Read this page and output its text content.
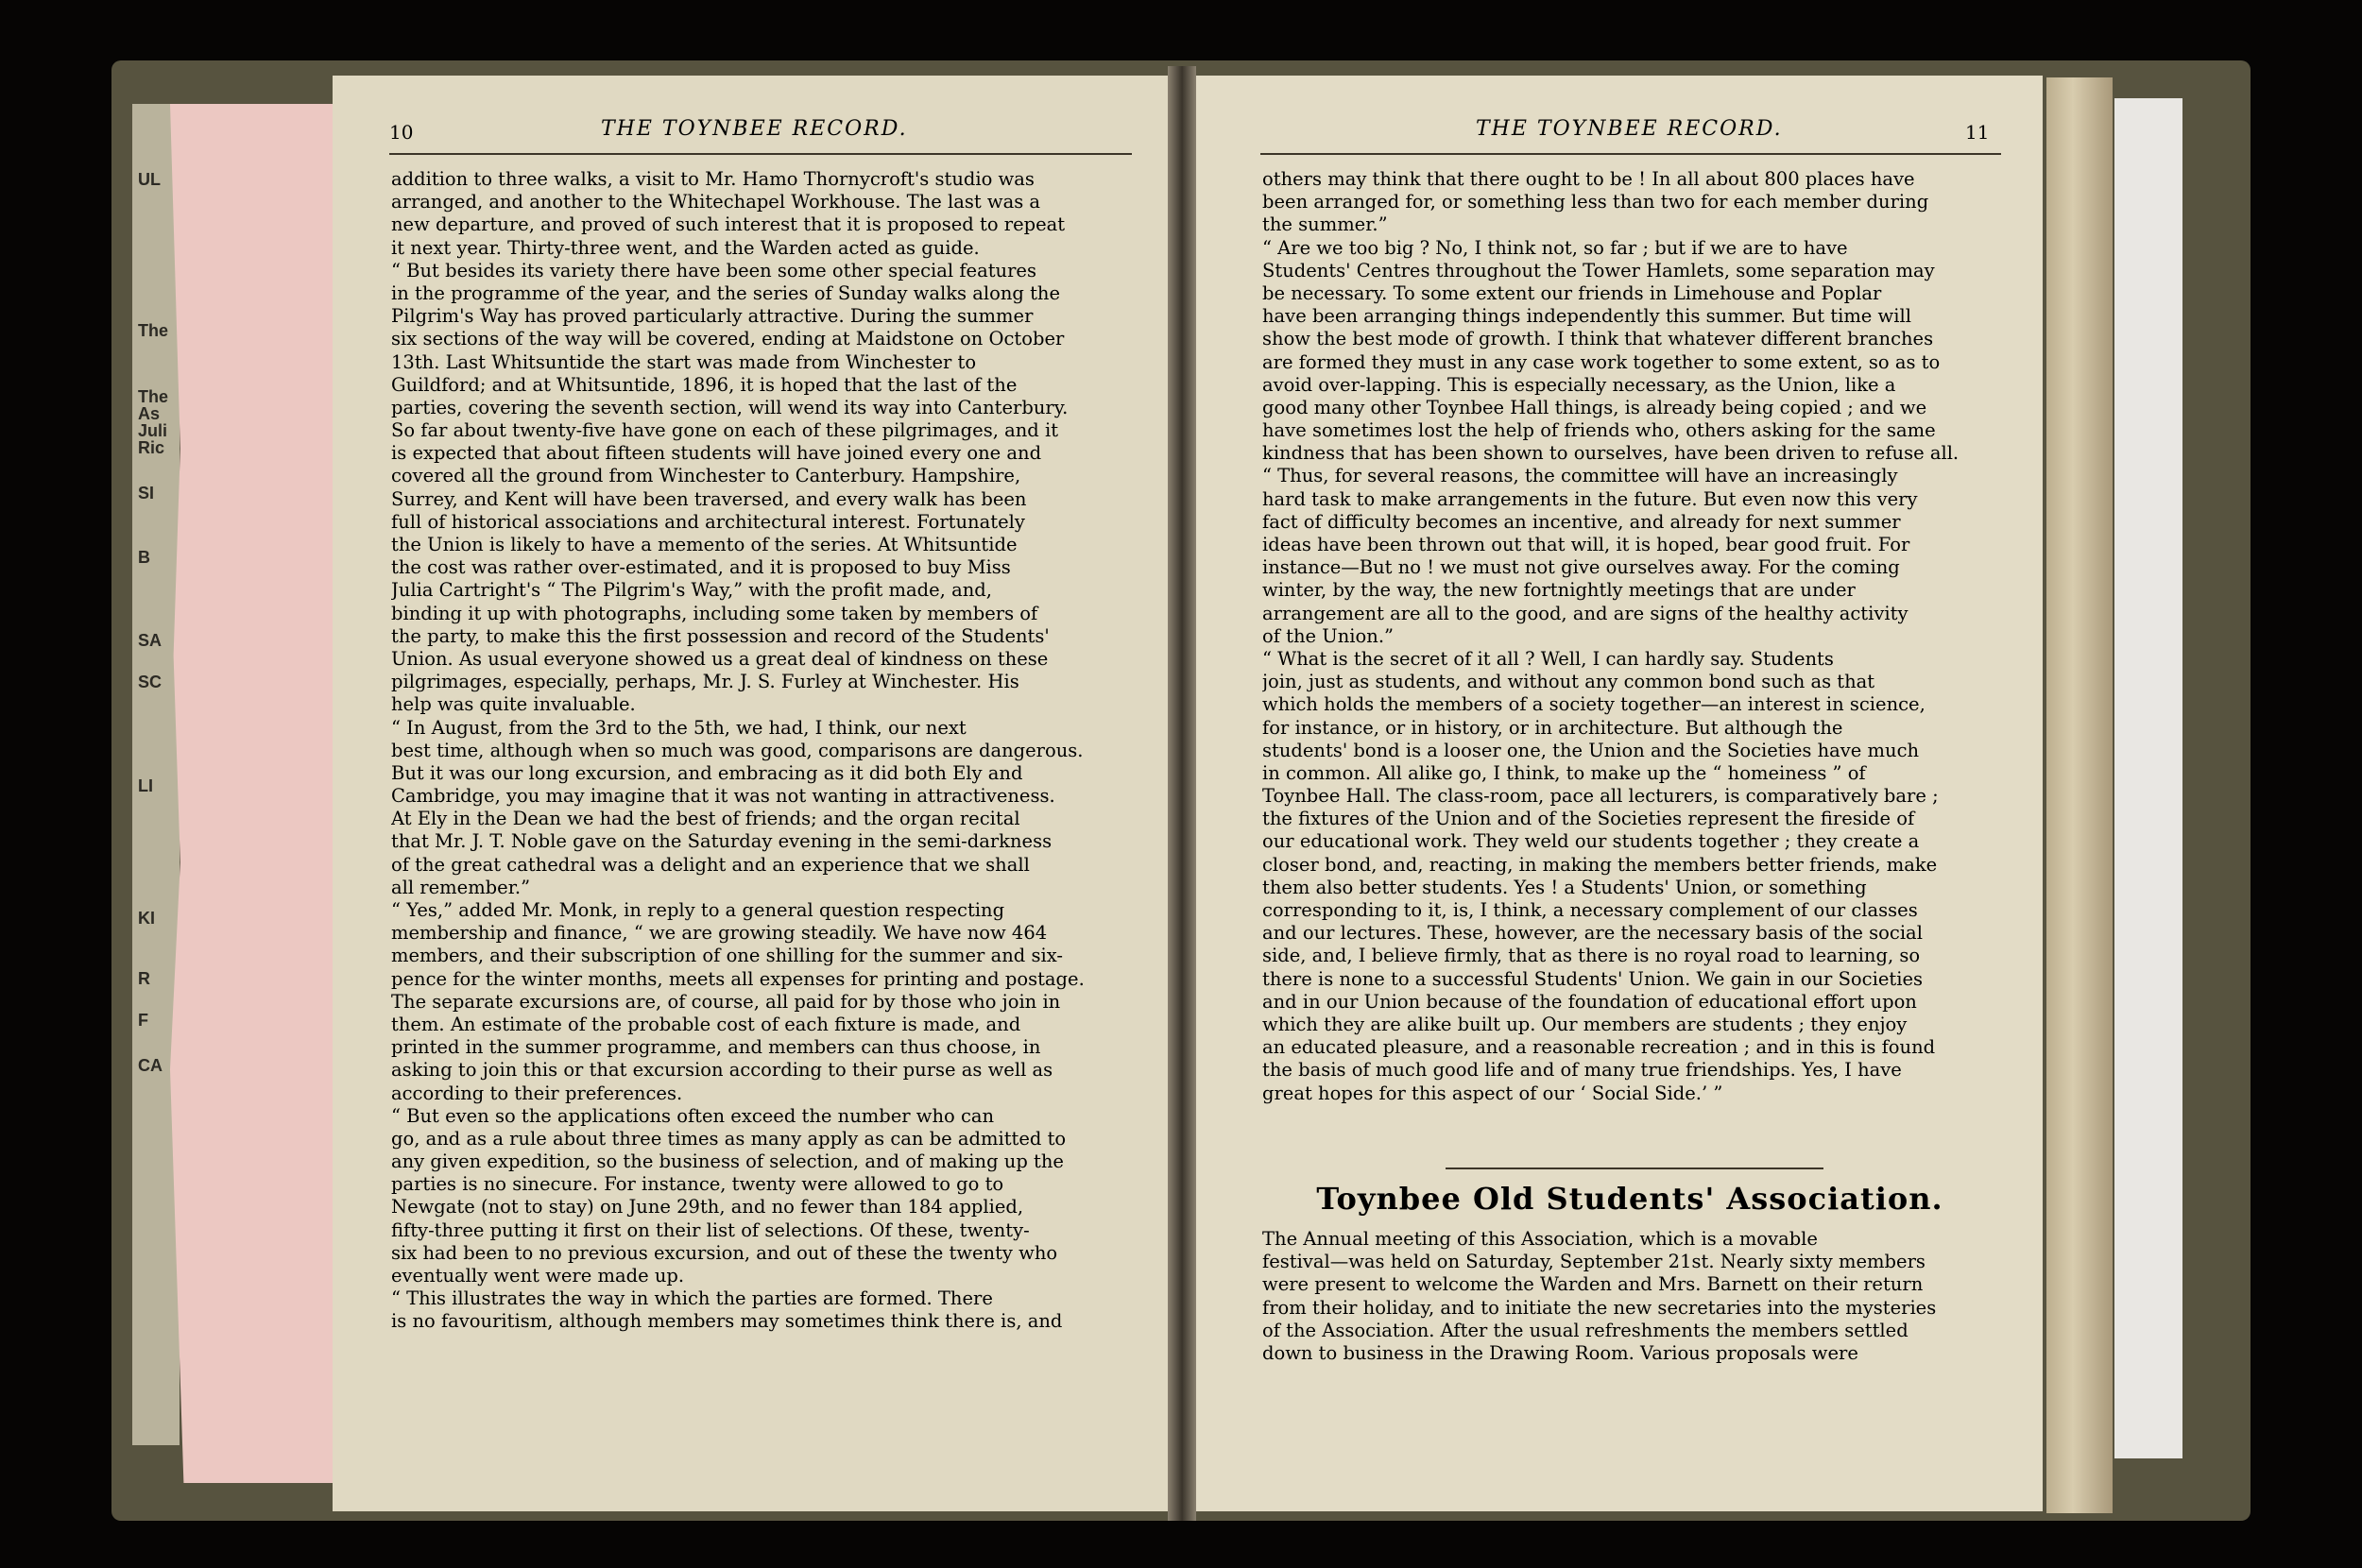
UL
The
The
As
Juli
Ric
SI
B
SA
SC
LI
KI
R
F
CA
10	THE TOYNBEE RECORD.
addition to three walks, a visit to Mr. Hamo Thornycroft's studio was
arranged, and another to the Whitechapel Workhouse. The last was a
new departure, and proved of such interest that it is proposed to repeat
it next year. Thirty-three went, and the Warden acted as guide.
“ But besides its variety there have been some other special features
in the programme of the year, and the series of Sunday walks along the
Pilgrim's Way has proved particularly attractive. During the summer
six sections of the way will be covered, ending at Maidstone on October
13th. Last Whitsuntide the start was made from Winchester to
Guildford; and at Whitsuntide, 1896, it is hoped that the last of the
parties, covering the seventh section, will wend its way into Canterbury.
So far about twenty-five have gone on each of these pilgrimages, and it
is expected that about fifteen students will have joined every one and
covered all the ground from Winchester to Canterbury. Hampshire,
Surrey, and Kent will have been traversed, and every walk has been
full of historical associations and architectural interest. Fortunately
the Union is likely to have a memento of the series. At Whitsuntide
the cost was rather over-estimated, and it is proposed to buy Miss
Julia Cartright's “ The Pilgrim's Way,” with the profit made, and,
binding it up with photographs, including some taken by members of
the party, to make this the first possession and record of the Students'
Union. As usual everyone showed us a great deal of kindness on these
pilgrimages, especially, perhaps, Mr. J. S. Furley at Winchester. His
help was quite invaluable.
“ In August, from the 3rd to the 5th, we had, I think, our next
best time, although when so much was good, comparisons are dangerous.
But it was our long excursion, and embracing as it did both Ely and
Cambridge, you may imagine that it was not wanting in attractiveness.
At Ely in the Dean we had the best of friends; and the organ recital
that Mr. J. T. Noble gave on the Saturday evening in the semi-darkness
of the great cathedral was a delight and an experience that we shall
all remember.”
“ Yes,” added Mr. Monk, in reply to a general question respecting
membership and finance, “ we are growing steadily. We have now 464
members, and their subscription of one shilling for the summer and six-
pence for the winter months, meets all expenses for printing and postage.
The separate excursions are, of course, all paid for by those who join in
them. An estimate of the probable cost of each fixture is made, and
printed in the summer programme, and members can thus choose, in
asking to join this or that excursion according to their purse as well as
according to their preferences.
“ But even so the applications often exceed the number who can
go, and as a rule about three times as many apply as can be admitted to
any given expedition, so the business of selection, and of making up the
parties is no sinecure. For instance, twenty were allowed to go to
Newgate (not to stay) on June 29th, and no fewer than 184 applied,
fifty-three putting it first on their list of selections. Of these, twenty-
six had been to no previous excursion, and out of these the twenty who
eventually went were made up.
“ This illustrates the way in which the parties are formed. There
is no favouritism, although members may sometimes think there is, and
THE TOYNBEE RECORD.	11
others may think that there ought to be ! In all about 800 places have
been arranged for, or something less than two for each member during
the summer.”
“ Are we too big ? No, I think not, so far ; but if we are to have
Students' Centres throughout the Tower Hamlets, some separation may
be necessary. To some extent our friends in Limehouse and Poplar
have been arranging things independently this summer. But time will
show the best mode of growth. I think that whatever different branches
are formed they must in any case work together to some extent, so as to
avoid over-lapping. This is especially necessary, as the Union, like a
good many other Toynbee Hall things, is already being copied ; and we
have sometimes lost the help of friends who, others asking for the same
kindness that has been shown to ourselves, have been driven to refuse all.
“ Thus, for several reasons, the committee will have an increasingly
hard task to make arrangements in the future. But even now this very
fact of difficulty becomes an incentive, and already for next summer
ideas have been thrown out that will, it is hoped, bear good fruit. For
instance—But no ! we must not give ourselves away. For the coming
winter, by the way, the new fortnightly meetings that are under
arrangement are all to the good, and are signs of the healthy activity
of the Union.”
“ What is the secret of it all ? Well, I can hardly say. Students
join, just as students, and without any common bond such as that
which holds the members of a society together—an interest in science,
for instance, or in history, or in architecture. But although the
students' bond is a looser one, the Union and the Societies have much
in common. All alike go, I think, to make up the “ homeiness ” of
Toynbee Hall. The class-room, pace all lecturers, is comparatively bare ;
the fixtures of the Union and of the Societies represent the fireside of
our educational work. They weld our students together ; they create a
closer bond, and, reacting, in making the members better friends, make
them also better students. Yes ! a Students' Union, or something
corresponding to it, is, I think, a necessary complement of our classes
and our lectures. These, however, are the necessary basis of the social
side, and, I believe firmly, that as there is no royal road to learning, so
there is none to a successful Students' Union. We gain in our Societies
and in our Union because of the foundation of educational effort upon
which they are alike built up. Our members are students ; they enjoy
an educated pleasure, and a reasonable recreation ; and in this is found
the basis of much good life and of many true friendships. Yes, I have
great hopes for this aspect of our ‘ Social Side.’ ”
Toynbee Old Students' Association.
The Annual meeting of this Association, which is a movable
festival—was held on Saturday, September 21st. Nearly sixty members
were present to welcome the Warden and Mrs. Barnett on their return
from their holiday, and to initiate the new secretaries into the mysteries
of the Association. After the usual refreshments the members settled
down to business in the Drawing Room. Various proposals were
